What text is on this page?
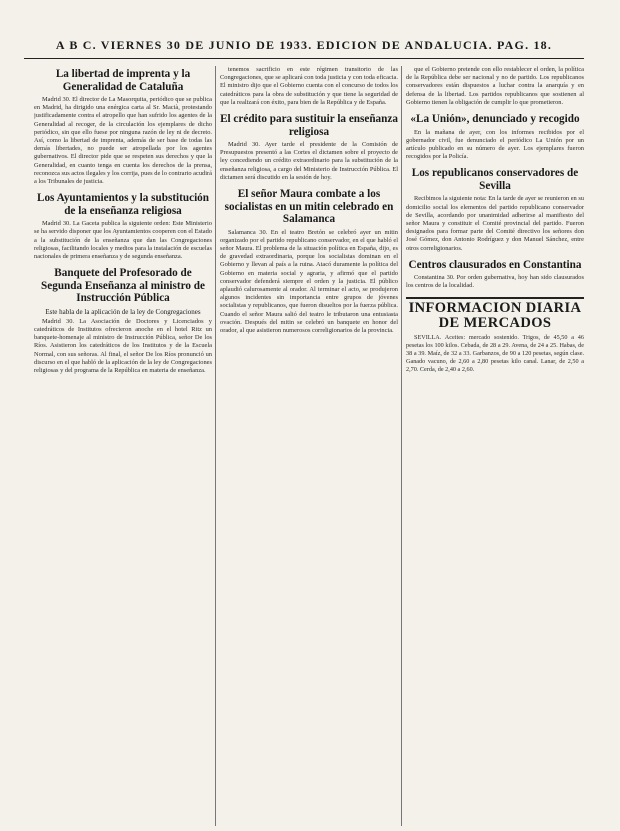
A B C. VIERNES 30 DE JUNIO DE 1933. EDICION DE ANDALUCIA. PAG. 18.
La libertad de imprenta y la Generalidad de Cataluña

Madrid 30. El director de La Masorquita, periódico que se publica en Madrid, ha dirigido una enérgica carta al Sr. Macià, protestando justificadamente contra el atropello que han sufrido los agentes de la Generalidad al recoger, de la circulación los ejemplares de dicho periódico, sin que ello fuese por ninguna razón de ley ni de decreto. Así, como la libertad de imprenta, además de ser base de todas las demás libertades, no puede ser atropellada por los agentes gubernativos. El director pide que se respeten sus derechos y que la Generalidad, en cuanto tenga en cuenta los derechos de la prensa, reconozca sus actos ilegales y los corrija, pues de lo contrario acudirá a los Tribunales de justicia.

Los Ayuntamientos y la substitución de la enseñanza religiosa

Madrid 30. La Gaceta publica la siguiente orden: Este Ministerio se ha servido disponer que los Ayuntamientos cooperen con el Estado a la substitución de la enseñanza que dan las Congregaciones religiosas, facilitando locales y medios para la instalación de escuelas nacionales de primera enseñanza y de segunda enseñanza.

Banquete del Profesorado de Segunda Enseñanza al ministro de Instrucción Pública
Este habla de la aplicación de la ley de Congregaciones

Madrid 30. La Asociación de Doctores y Licenciados y catedráticos de Institutos ofrecieron anoche en el hotel Ritz un banquete-homenaje al ministro de Instrucción Pública, señor De los Ríos. Asistieron los catedráticos de los Institutos y de la Escuela Normal, con sus señoras. Al final, el señor De los Ríos pronunció un discurso en el que habló de la aplicación de la ley de Congregaciones religiosas y del programa de la República en materia de enseñanza.

tenemos sacrificio en este régimen transitorio de las Congregaciones, que se aplicará con toda justicia y con toda eficacia. El ministro dijo que el Gobierno cuenta con el concurso de todos los catedráticos para la obra de substitución y que tiene la seguridad de que la realizará con éxito, para bien de la República y de España.

El crédito para sustituir la enseñanza religiosa

Madrid 30. Ayer tarde el presidente de la Comisión de Presupuestos presentó a las Cortes el dictamen sobre el proyecto de ley concediendo un crédito extraordinario para la substitución de la enseñanza religiosa, a cargo del Ministerio de Instrucción Pública. El dictamen será discutido en la sesión de hoy.

El señor Maura combate a los socialistas en un mitin celebrado en Salamanca

Salamanca 30. En el teatro Bretón se celebró ayer un mitin organizado por el partido republicano conservador, en el que habló el señor Maura. El problema de la situación política en España, dijo, es de gravedad extraordinaria, porque los socialistas dominan en el Gobierno y llevan al país a la ruina. Atacó duramente la política del Gobierno en materia social y agraria, y afirmó que el partido conservador defenderá siempre el orden y la justicia. El público aplaudió calurosamente al orador. Al terminar el acto, se produjeron algunos incidentes sin importancia entre grupos de jóvenes socialistas y republicanos, que fueron disueltos por la fuerza pública. Cuando el señor Maura salió del teatro le tributaron una entusiasta ovación. Después del mitin se celebró un banquete en honor del orador, al que asistieron numerosos correligionarios de la provincia.

que el Gobierno pretende con ello restablecer el orden, la política de la República debe ser nacional y no de partido. Los republicanos conservadores están dispuestos a luchar contra la anarquía y en defensa de la libertad. Los partidos republicanos que sostienen al Gobierno tienen la obligación de cumplir lo que prometieron.

«La Unión», denunciado y recogido

En la mañana de ayer, con los informes recibidos por el gobernador civil, fue denunciado el periódico La Unión por un artículo publicado en su número de ayer. Los ejemplares fueron recogidos por la Policía.

Los republicanos conservadores de Sevilla

Recibimos la siguiente nota: En la tarde de ayer se reunieron en su domicilio social los elementos del partido republicano conservador de Sevilla, acordando por unanimidad adherirse al manifiesto del señor Maura y constituir el Comité provincial del partido. Fueron designados para formar parte del Comité directivo los señores don José Gómez, don Antonio Rodríguez y don Manuel Sánchez, entre otros correligionarios.

Centros clausurados en Constantina

Constantina 30. Por orden gubernativa, hoy han sido clausurados los centros de la localidad.

INFORMACION DIARIA DE MERCADOS

SEVILLA. Aceites: mercado sostenido. Trigos, de 45,50 a 46 pesetas los 100 kilos. Cebada, de 28 a 29. Avena, de 24 a 25. Habas, de 38 a 39. Maíz, de 32 a 33. Garbanzos, de 90 a 120 pesetas, según clase. Ganado vacuno, de 2,60 a 2,80 pesetas kilo canal. Lanar, de 2,50 a 2,70. Cerda, de 2,40 a 2,60.
